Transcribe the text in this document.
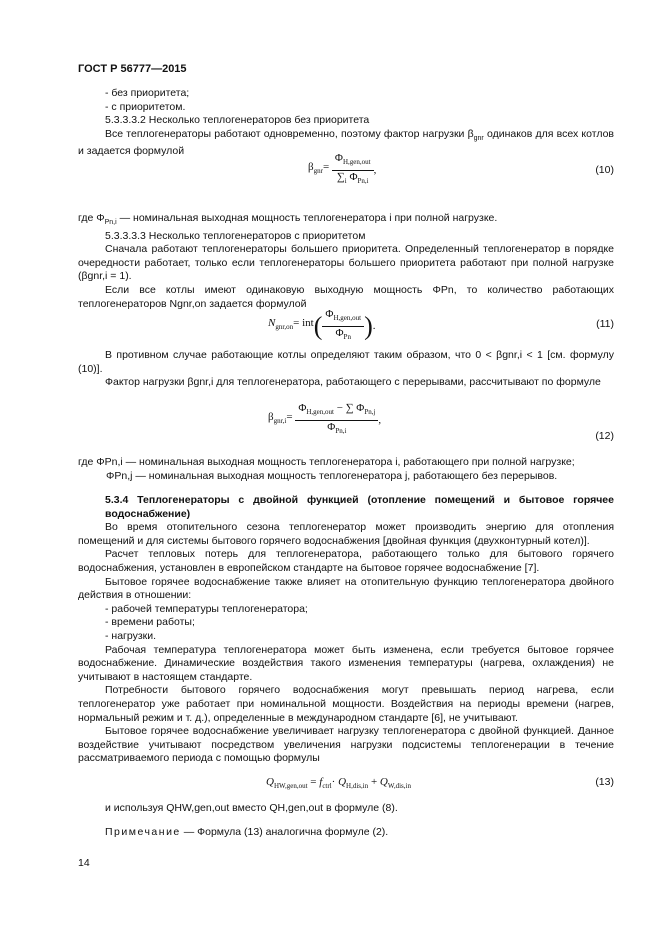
ГОСТ Р 56777—2015

- без приоритета;

- с приоритетом.

5.3.3.3.2 Несколько теплогенераторов без приоритета

Все теплогенераторы работают одновременно, поэтому фактор нагрузки $\beta_{gnr}$ одинаков для всех котлов и задается формулой

$\beta_{gnr}= \frac{\Phi_{H,gen,out}}{\sum_i \Phi_{Pn,i}}$ ,	(10)

где $\Phi_{Pn,i}$ — номинальная выходная мощность теплогенератора i при полной нагрузке.

5.3.3.3.3 Несколько теплогенераторов с приоритетом

Сначала работают теплогенераторы большего приоритета. Определенный теплогенератор в порядке очередности работает, только если теплогенераторы большего приоритета работают при полной нагрузке (βgnr,i = 1).

Если все котлы имеют одинаковую выходную мощность ΦPn, то количество работающих теплогенераторов Ngnr,on задается формулой

$N_{gnr,on}= int( \frac{\Phi_{H,gen,out}}{\Phi_{Pn}}$ ).	(11)

В противном случае работающие котлы определяют таким образом, что 0 < βgnr,i < 1 [см. формулу (10)].

Фактор нагрузки βgnr,i для теплогенератора, работающего с перерывами, рассчитывают по формуле

$\beta_{gnr,i}= \frac{\Phi_{H,gen,out} - \sum \Phi_{Pn,j}}{\Phi_{Pn,i}}$ ,
(12)

где ΦPn,i — номинальная выходная мощность теплогенератора i, работающего при полной нагрузке;

ΦPn,j — номинальная выходная мощность теплогенератора j, работающего без перерывов.

5.3.4 Теплогенераторы с двойной функцией (отопление помещений и бытовое горячее водоснабжение)

Во время отопительного сезона теплогенератор может производить энергию для отопления помещений и для системы бытового горячего водоснабжения [двойная функция (двухконтурный котел)].

Расчет тепловых потерь для теплогенератора, работающего только для бытового горячего водоснабжения, установлен в европейском стандарте на бытовое горячее водоснабжение [7].

Бытовое горячее водоснабжение также влияет на отопительную функцию теплогенератора двойного действия в отношении:

- рабочей температуры теплогенератора;

- времени работы;

- нагрузки.

Рабочая температура теплогенератора может быть изменена, если требуется бытовое горячее водоснабжение. Динамические воздействия такого изменения температуры (нагрева, охлаждения) не учитывают в настоящем стандарте.

Потребности бытового горячего водоснабжения могут превышать период нагрева, если теплогенератор уже работает при номинальной мощности. Воздействия на периоды времени (нагрев, нормальный режим и т. д.), определенные в международном стандарте [6], не учитывают.

Бытовое горячее водоснабжение увеличивает нагрузку теплогенератора с двойной функцией. Данное воздействие учитывают посредством увеличения нагрузки подсистемы теплогенерации в течение рассматриваемого периода с помощью формулы

$Q_{HW,gen,out} = f_{ctrl}\cdot Q_{H,dis,in} + Q_{W,dis,in}$	(13)

и используя QHW,gen,out вместо QH,gen,out в формуле (8).

Примечание — Формула (13) аналогична формуле (2).

14
